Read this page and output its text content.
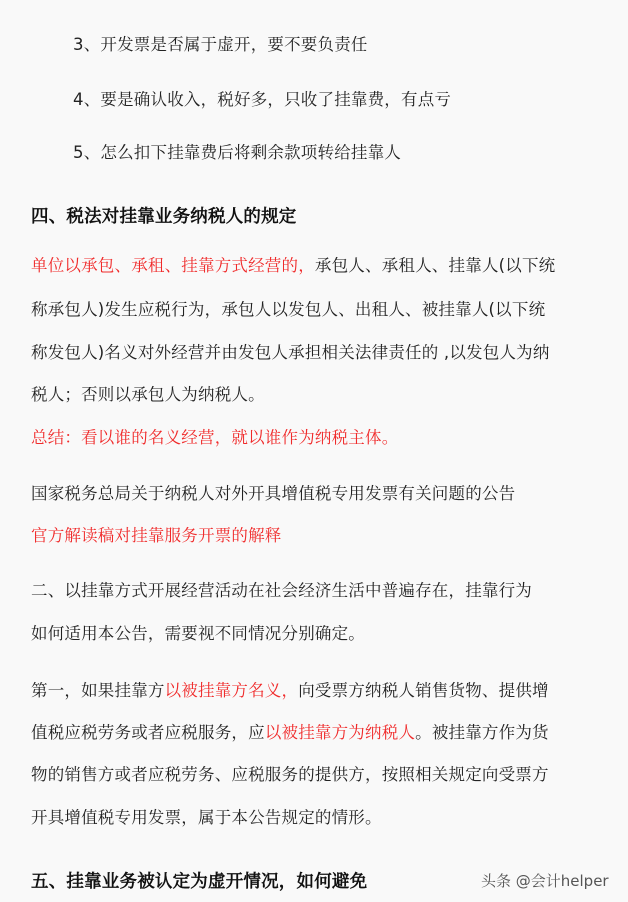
3、开发票是否属于虚开，要不要负责任
4、要是确认收入，税好多，只收了挂靠费，有点亏
5、怎么扣下挂靠费后将剩余款项转给挂靠人
四、税法对挂靠业务纳税人的规定
单位以承包、承租、挂靠方式经营的，承包人、承租人、挂靠人(以下统
称承包人)发生应税行为，承包人以发包人、出租人、被挂靠人(以下统
称发包人)名义对外经营并由发包人承担相关法律责任的 ,以发包人为纳
税人；否则以承包人为纳税人。
总结：看以谁的名义经营，就以谁作为纳税主体。
国家税务总局关于纳税人对外开具增值税专用发票有关问题的公告
官方解读稿对挂靠服务开票的解释
二、以挂靠方式开展经营活动在社会经济生活中普遍存在，挂靠行为
如何适用本公告，需要视不同情况分别确定。
第一，如果挂靠方以被挂靠方名义，向受票方纳税人销售货物、提供增
值税应税劳务或者应税服务，应以被挂靠方为纳税人。被挂靠方作为货
物的销售方或者应税劳务、应税服务的提供方，按照相关规定向受票方
开具增值税专用发票，属于本公告规定的情形。
五、挂靠业务被认定为虚开情况，如何避免	头条 @会计helper
